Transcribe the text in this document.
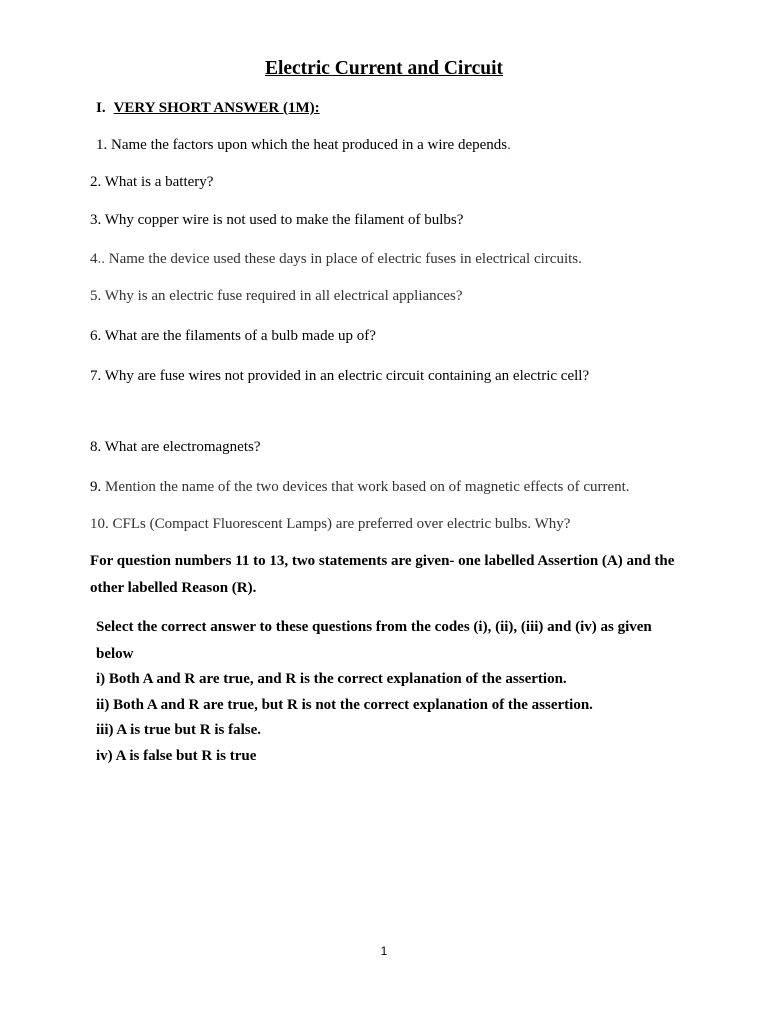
Electric Current and Circuit
I. VERY SHORT ANSWER (1M):
1. Name the factors upon which the heat produced in a wire depends.
2. What is a battery?
3. Why copper wire is not used to make the filament of bulbs?
4.. Name the device used these days in place of electric fuses in electrical circuits.
5. Why is an electric fuse required in all electrical appliances?
6. What are the filaments of a bulb made up of?
7. Why are fuse wires not provided in an electric circuit containing an electric cell?
8. What are electromagnets?
9. Mention the name of the two devices that work based on of magnetic effects of current.
10. CFLs (Compact Fluorescent Lamps) are preferred over electric bulbs. Why?
For question numbers 11 to 13, two statements are given- one labelled Assertion (A) and the other labelled Reason (R).
Select the correct answer to these questions from the codes (i), (ii), (iii) and (iv) as given below
i) Both A and R are true, and R is the correct explanation of the assertion.
ii) Both A and R are true, but R is not the correct explanation of the assertion.
iii) A is true but R is false.
iv) A is false but R is true
1
